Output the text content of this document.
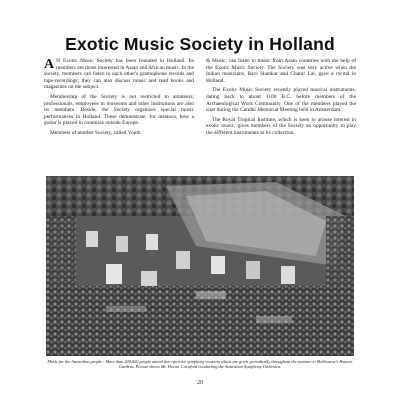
Exotic Music Society in Holland

A N Exotic Music Society has been founded in Holland. Its members are those interested in Asian and African music. In the society, members can listen to each other's gramophone records and tape-recordings; they can also discuss music and read books and magazines on the subject.

Membership of the Society is not restricted to amateurs; professionals, employees in museums and other institutions are also its members. Beside, the Society organizes special music performances in Holland. These demonstrate, for instance, how a guitar is played in countries outside Europe.

Members of another Society, called Youth

& Music, can listen to music from Asian countries with the help of the Exotic Music Society. The Society was very active when the Indian musicians, Ravi Shankar and Chatur Lal, gave a recital in Holland.

The Exotic Music Society recently played musical instruments, dating back to about 1100 B.C. before members of the Archaeological Work Community. One of the members played the sitar during the Gandhi Memorial Meeting held in Amsterdam.

The Royal Tropical Institute, which is keen to arouse interest in exotic music, gives members of the Society an opportunity to play the different instruments in its collection.

Music for the Australian people : More than 200,000 people attend free open-air symphony concerts which are given periodically throughout the summer in Melbourne's Botanic Gardens. Picture shows Mr. Hector Crawford conducting the Australian Symphony Orchestra.
20
